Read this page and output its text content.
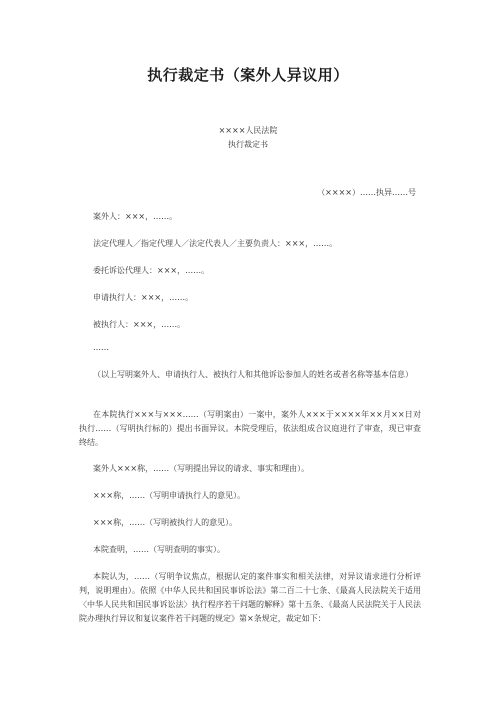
执行裁定书（案外人异议用）
××××人民法院
执行裁定书
（××××）……执异……号
案外人：×××，……。
法定代理人／指定代理人／法定代表人／主要负责人：×××，……。
委托诉讼代理人：×××，……。
申请执行人：×××，……。
被执行人：×××，……。
……
（以上写明案外人、申请执行人、被执行人和其他诉讼参加人的姓名或者名称等基本信息）
在本院执行×××与×××……（写明案由）一案中，案外人×××于××××年××月××日对执行……（写明执行标的）提出书面异议。本院受理后，依法组成合议庭进行了审查，现已审查终结。
案外人×××称，……（写明提出异议的请求、事实和理由）。
×××称，……（写明申请执行人的意见）。
×××称，……（写明被执行人的意见）。
本院查明，……（写明查明的事实）。
本院认为，……（写明争议焦点，根据认定的案件事实和相关法律，对异议请求进行分析评判，说明理由）。依照《中华人民共和国民事诉讼法》第二百二十七条、《最高人民法院关于适用〈中华人民共和国民事诉讼法〉执行程序若干问题的解释》第十五条、《最高人民法院关于人民法院办理执行异议和复议案件若干问题的规定》第×条规定，裁定如下：
